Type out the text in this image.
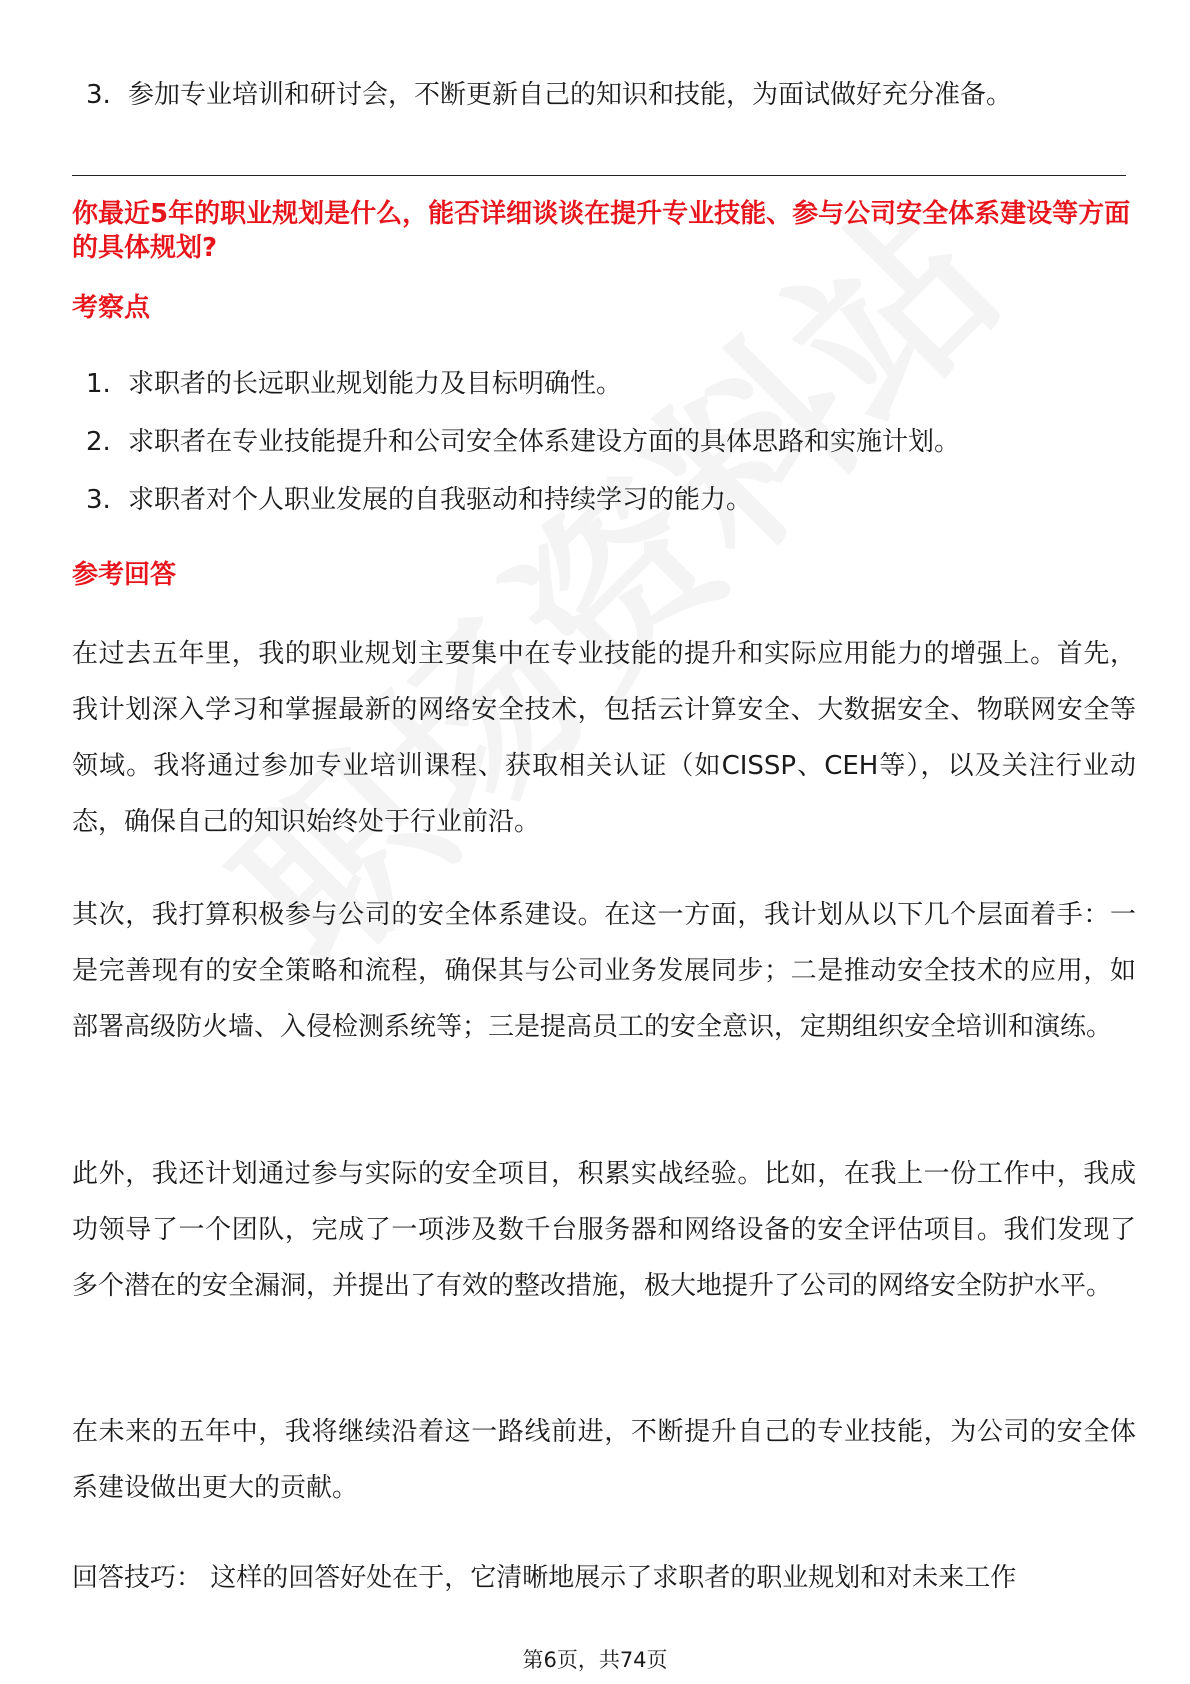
3. 参加专业培训和研讨会，不断更新自己的知识和技能，为面试做好充分准备。
你最近5年的职业规划是什么，能否详细谈谈在提升专业技能、参与公司安全体系建设等方面的具体规划?
考察点
1. 求职者的长远职业规划能力及目标明确性。
2. 求职者在专业技能提升和公司安全体系建设方面的具体思路和实施计划。
3. 求职者对个人职业发展的自我驱动和持续学习的能力。
参考回答

在过去五年里，我的职业规划主要集中在专业技能的提升和实际应用能力的增强上。首先，我计划深入学习和掌握最新的网络安全技术，包括云计算安全、大数据安全、物联网安全等领域。我将通过参加专业培训课程、获取相关认证（如CISSP、CEH等），以及关注行业动态，确保自己的知识始终处于行业前沿。

其次，我打算积极参与公司的安全体系建设。在这一方面，我计划从以下几个层面着手：一是完善现有的安全策略和流程，确保其与公司业务发展同步；二是推动安全技术的应用，如部署高级防火墙、入侵检测系统等；三是提高员工的安全意识，定期组织安全培训和演练。

此外，我还计划通过参与实际的安全项目，积累实战经验。比如，在我上一份工作中，我成功领导了一个团队，完成了一项涉及数千台服务器和网络设备的安全评估项目。我们发现了多个潜在的安全漏洞，并提出了有效的整改措施，极大地提升了公司的网络安全防护水平。

在未来的五年中，我将继续沿着这一路线前进，不断提升自己的专业技能，为公司的安全体系建设做出更大的贡献。

回答技巧： 这样的回答好处在于，它清晰地展示了求职者的职业规划和对未来工作

第6页，共74页
